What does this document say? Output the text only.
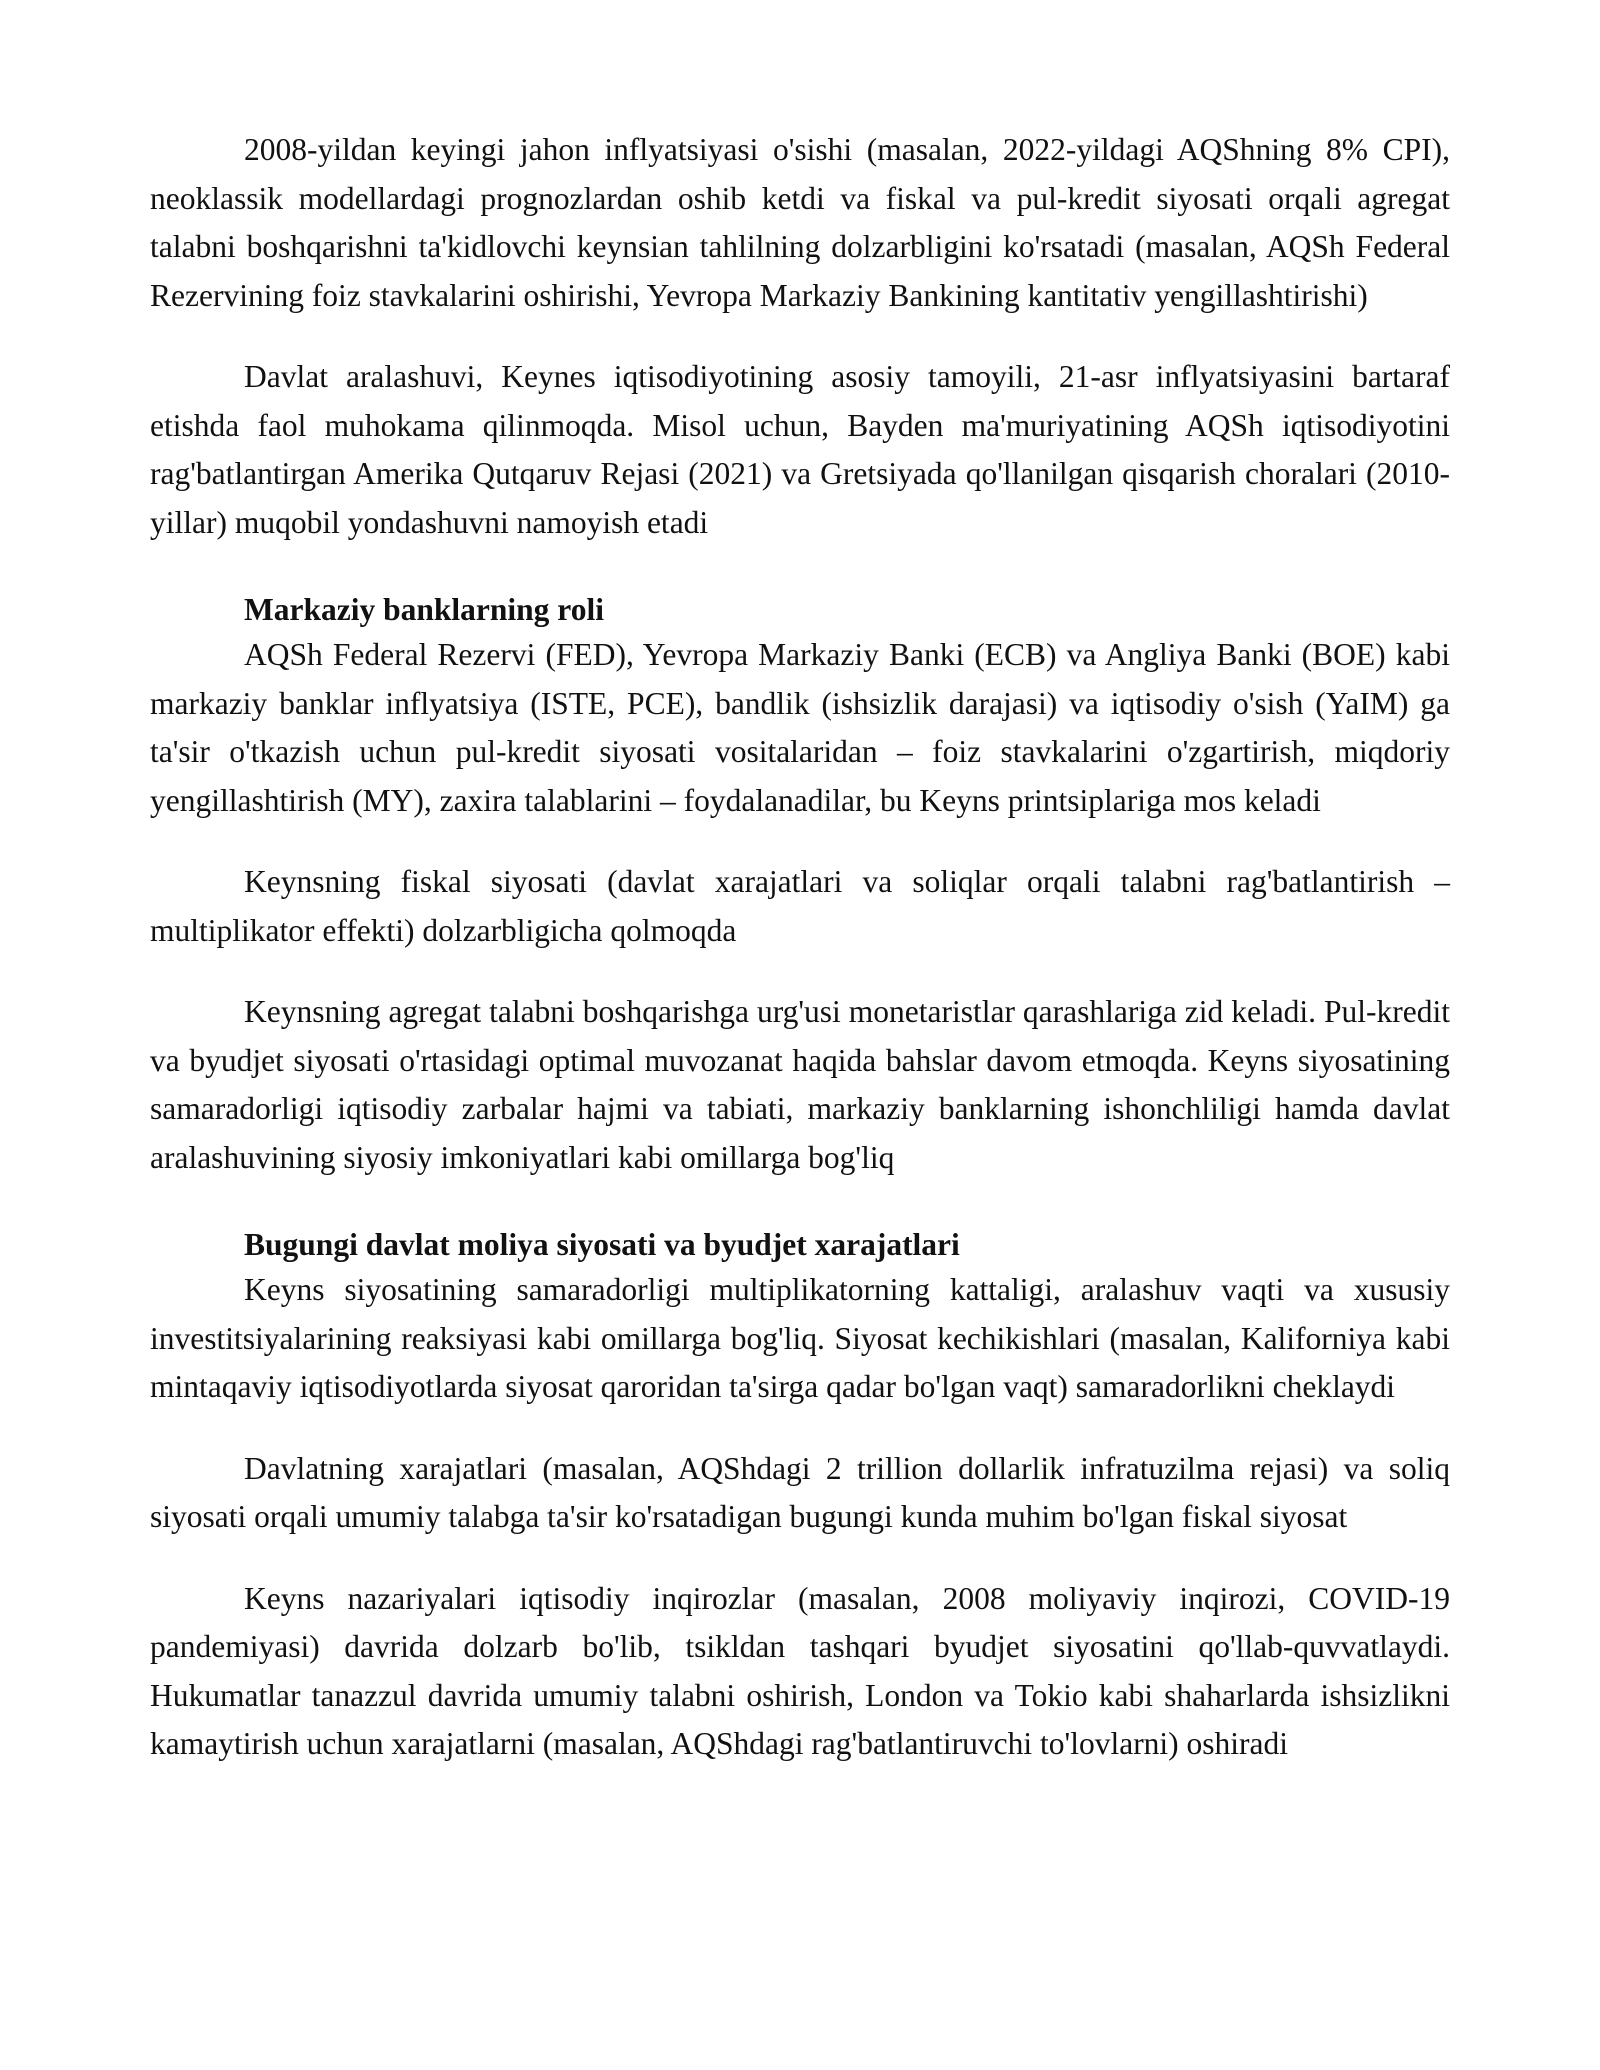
2008-yildan keyingi jahon inflyatsiyasi o'sishi (masalan, 2022-yildagi AQShning 8% CPI), neoklassik modellardagi prognozlardan oshib ketdi va fiskal va pul-kredit siyosati orqali agregat talabni boshqarishni ta'kidlovchi keynsian tahlilning dolzarbligini ko'rsatadi (masalan, AQSh Federal Rezervining foiz stavkalarini oshirishi, Yevropa Markaziy Bankining kantitativ yengillashtirishi)

Davlat aralashuvi, Keynes iqtisodiyotining asosiy tamoyili, 21-asr inflyatsiyasini bartaraf etishda faol muhokama qilinmoqda. Misol uchun, Bayden ma'muriyatining AQSh iqtisodiyotini rag'batlantirgan Amerika Qutqaruv Rejasi (2021) va Gretsiyada qo'llanilgan qisqarish choralari (2010-yillar) muqobil yondashuvni namoyish etadi

Markaziy banklarning roli

AQSh Federal Rezervi (FED), Yevropa Markaziy Banki (ECB) va Angliya Banki (BOE) kabi markaziy banklar inflyatsiya (ISTE, PCE), bandlik (ishsizlik darajasi) va iqtisodiy o'sish (YaIM) ga ta'sir o'tkazish uchun pul-kredit siyosati vositalaridan – foiz stavkalarini o'zgartirish, miqdoriy yengillashtirish (MY), zaxira talablarini – foydalanadilar, bu Keyns printsiplariga mos keladi

Keynsning fiskal siyosati (davlat xarajatlari va soliqlar orqali talabni rag'batlantirish – multiplikator effekti) dolzarbligicha qolmoqda

Keynsning agregat talabni boshqarishga urg'usi monetaristlar qarashlariga zid keladi. Pul-kredit va byudjet siyosati o'rtasidagi optimal muvozanat haqida bahslar davom etmoqda. Keyns siyosatining samaradorligi iqtisodiy zarbalar hajmi va tabiati, markaziy banklarning ishonchliligi hamda davlat aralashuvining siyosiy imkoniyatlari kabi omillarga bog'liq

Bugungi davlat moliya siyosati va byudjet xarajatlari

Keyns siyosatining samaradorligi multiplikatorning kattaligi, aralashuv vaqti va xususiy investitsiyalarining reaksiyasi kabi omillarga bog'liq. Siyosat kechikishlari (masalan, Kaliforniya kabi mintaqaviy iqtisodiyotlarda siyosat qaroridan ta'sirga qadar bo'lgan vaqt) samaradorlikni cheklaydi

Davlatning xarajatlari (masalan, AQShdagi 2 trillion dollarlik infratuzilma rejasi) va soliq siyosati orqali umumiy talabga ta'sir ko'rsatadigan bugungi kunda muhim bo'lgan fiskal siyosat

Keyns nazariyalari iqtisodiy inqirozlar (masalan, 2008 moliyaviy inqirozi, COVID-19 pandemiyasi) davrida dolzarb bo'lib, tsikldan tashqari byudjet siyosatini qo'llab-quvvatlaydi. Hukumatlar tanazzul davrida umumiy talabni oshirish, London va Tokio kabi shaharlarda ishsizlikni kamaytirish uchun xarajatlarni (masalan, AQShdagi rag'batlantiruvchi to'lovlarni) oshiradi
